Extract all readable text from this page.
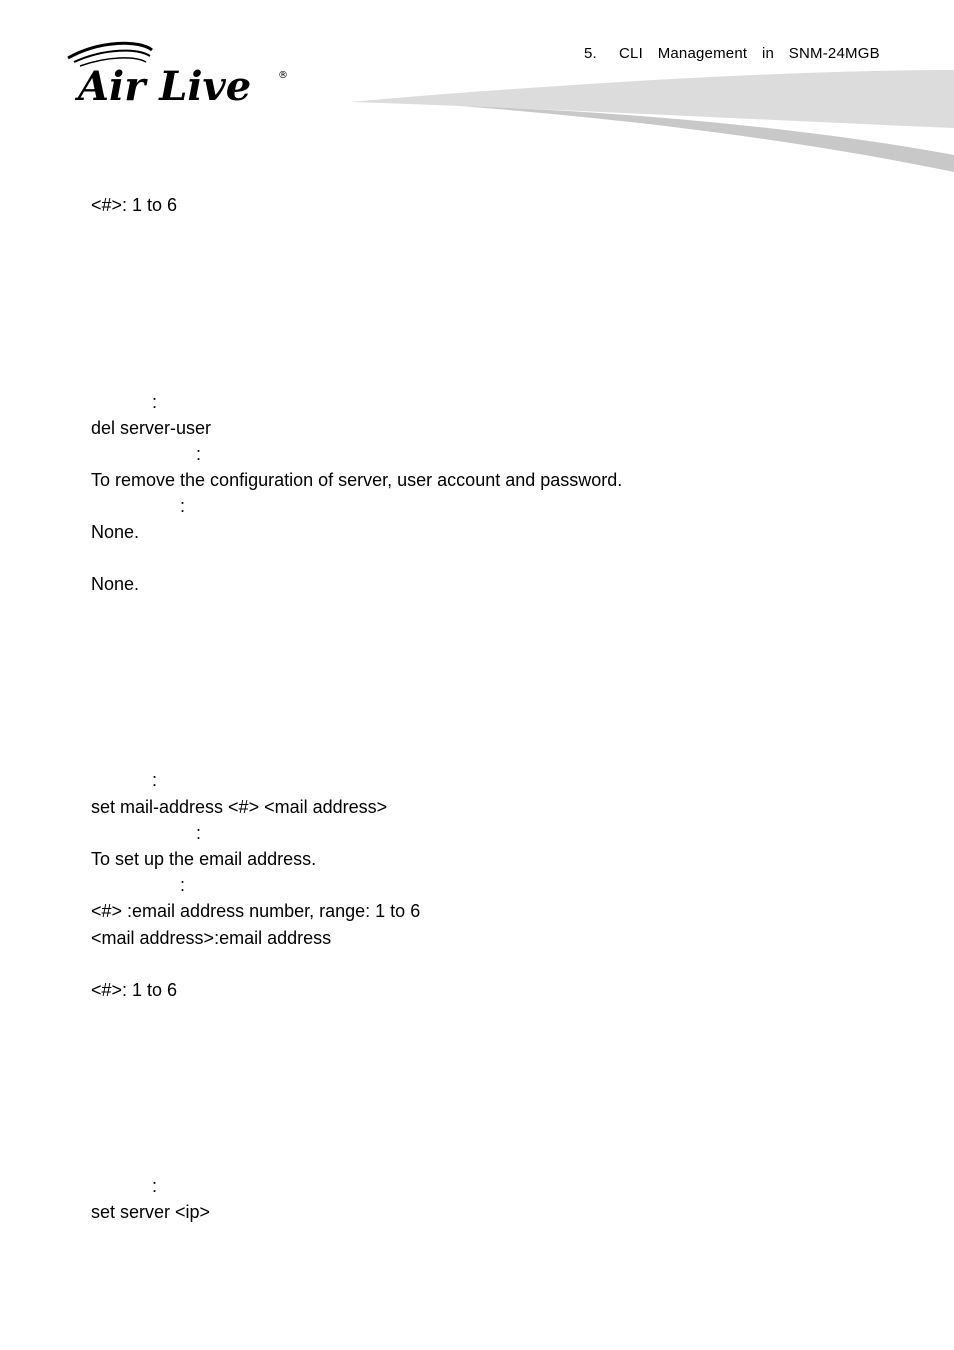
5.   CLI  Management  in  SNM-24MGB
Air Live	®
<#>: 1 to 6
:
del server-user
:
To remove the configuration of server, user account and password.
:
None.
None.
:
set mail-address <#> <mail address>
:
To set up the email address.
:
<#> :email address number, range: 1 to 6
<mail address>:email address
<#>: 1 to 6
:
set server <ip>
